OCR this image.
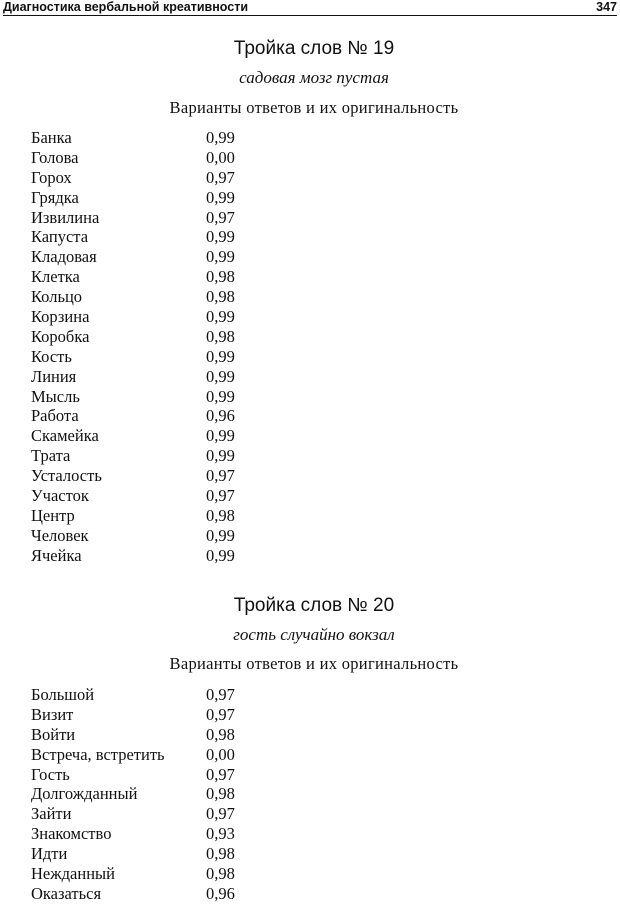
Диагностика вербальной креативности	347
Тройка слов № 19
садовая мозг пустая
Варианты ответов и их оригинальность
Банка	0,99
Голова	0,00
Горох	0,97
Грядка	0,99
Извилина	0,97
Капуста	0,99
Кладовая	0,99
Клетка	0,98
Кольцо	0,98
Корзина	0,99
Коробка	0,98
Кость	0,99
Линия	0,99
Мысль	0,99
Работа	0,96
Скамейка	0,99
Трата	0,99
Усталость	0,97
Участок	0,97
Центр	0,98
Человек	0,99
Ячейка	0,99
Тройка слов № 20
гость случайно вокзал
Варианты ответов и их оригинальность
Большой	0,97
Визит	0,97
Войти	0,98
Встреча, встретить	0,00
Гость	0,97
Долгожданный	0,98
Зайти	0,97
Знакомство	0,93
Идти	0,98
Нежданный	0,98
Оказаться	0,96
